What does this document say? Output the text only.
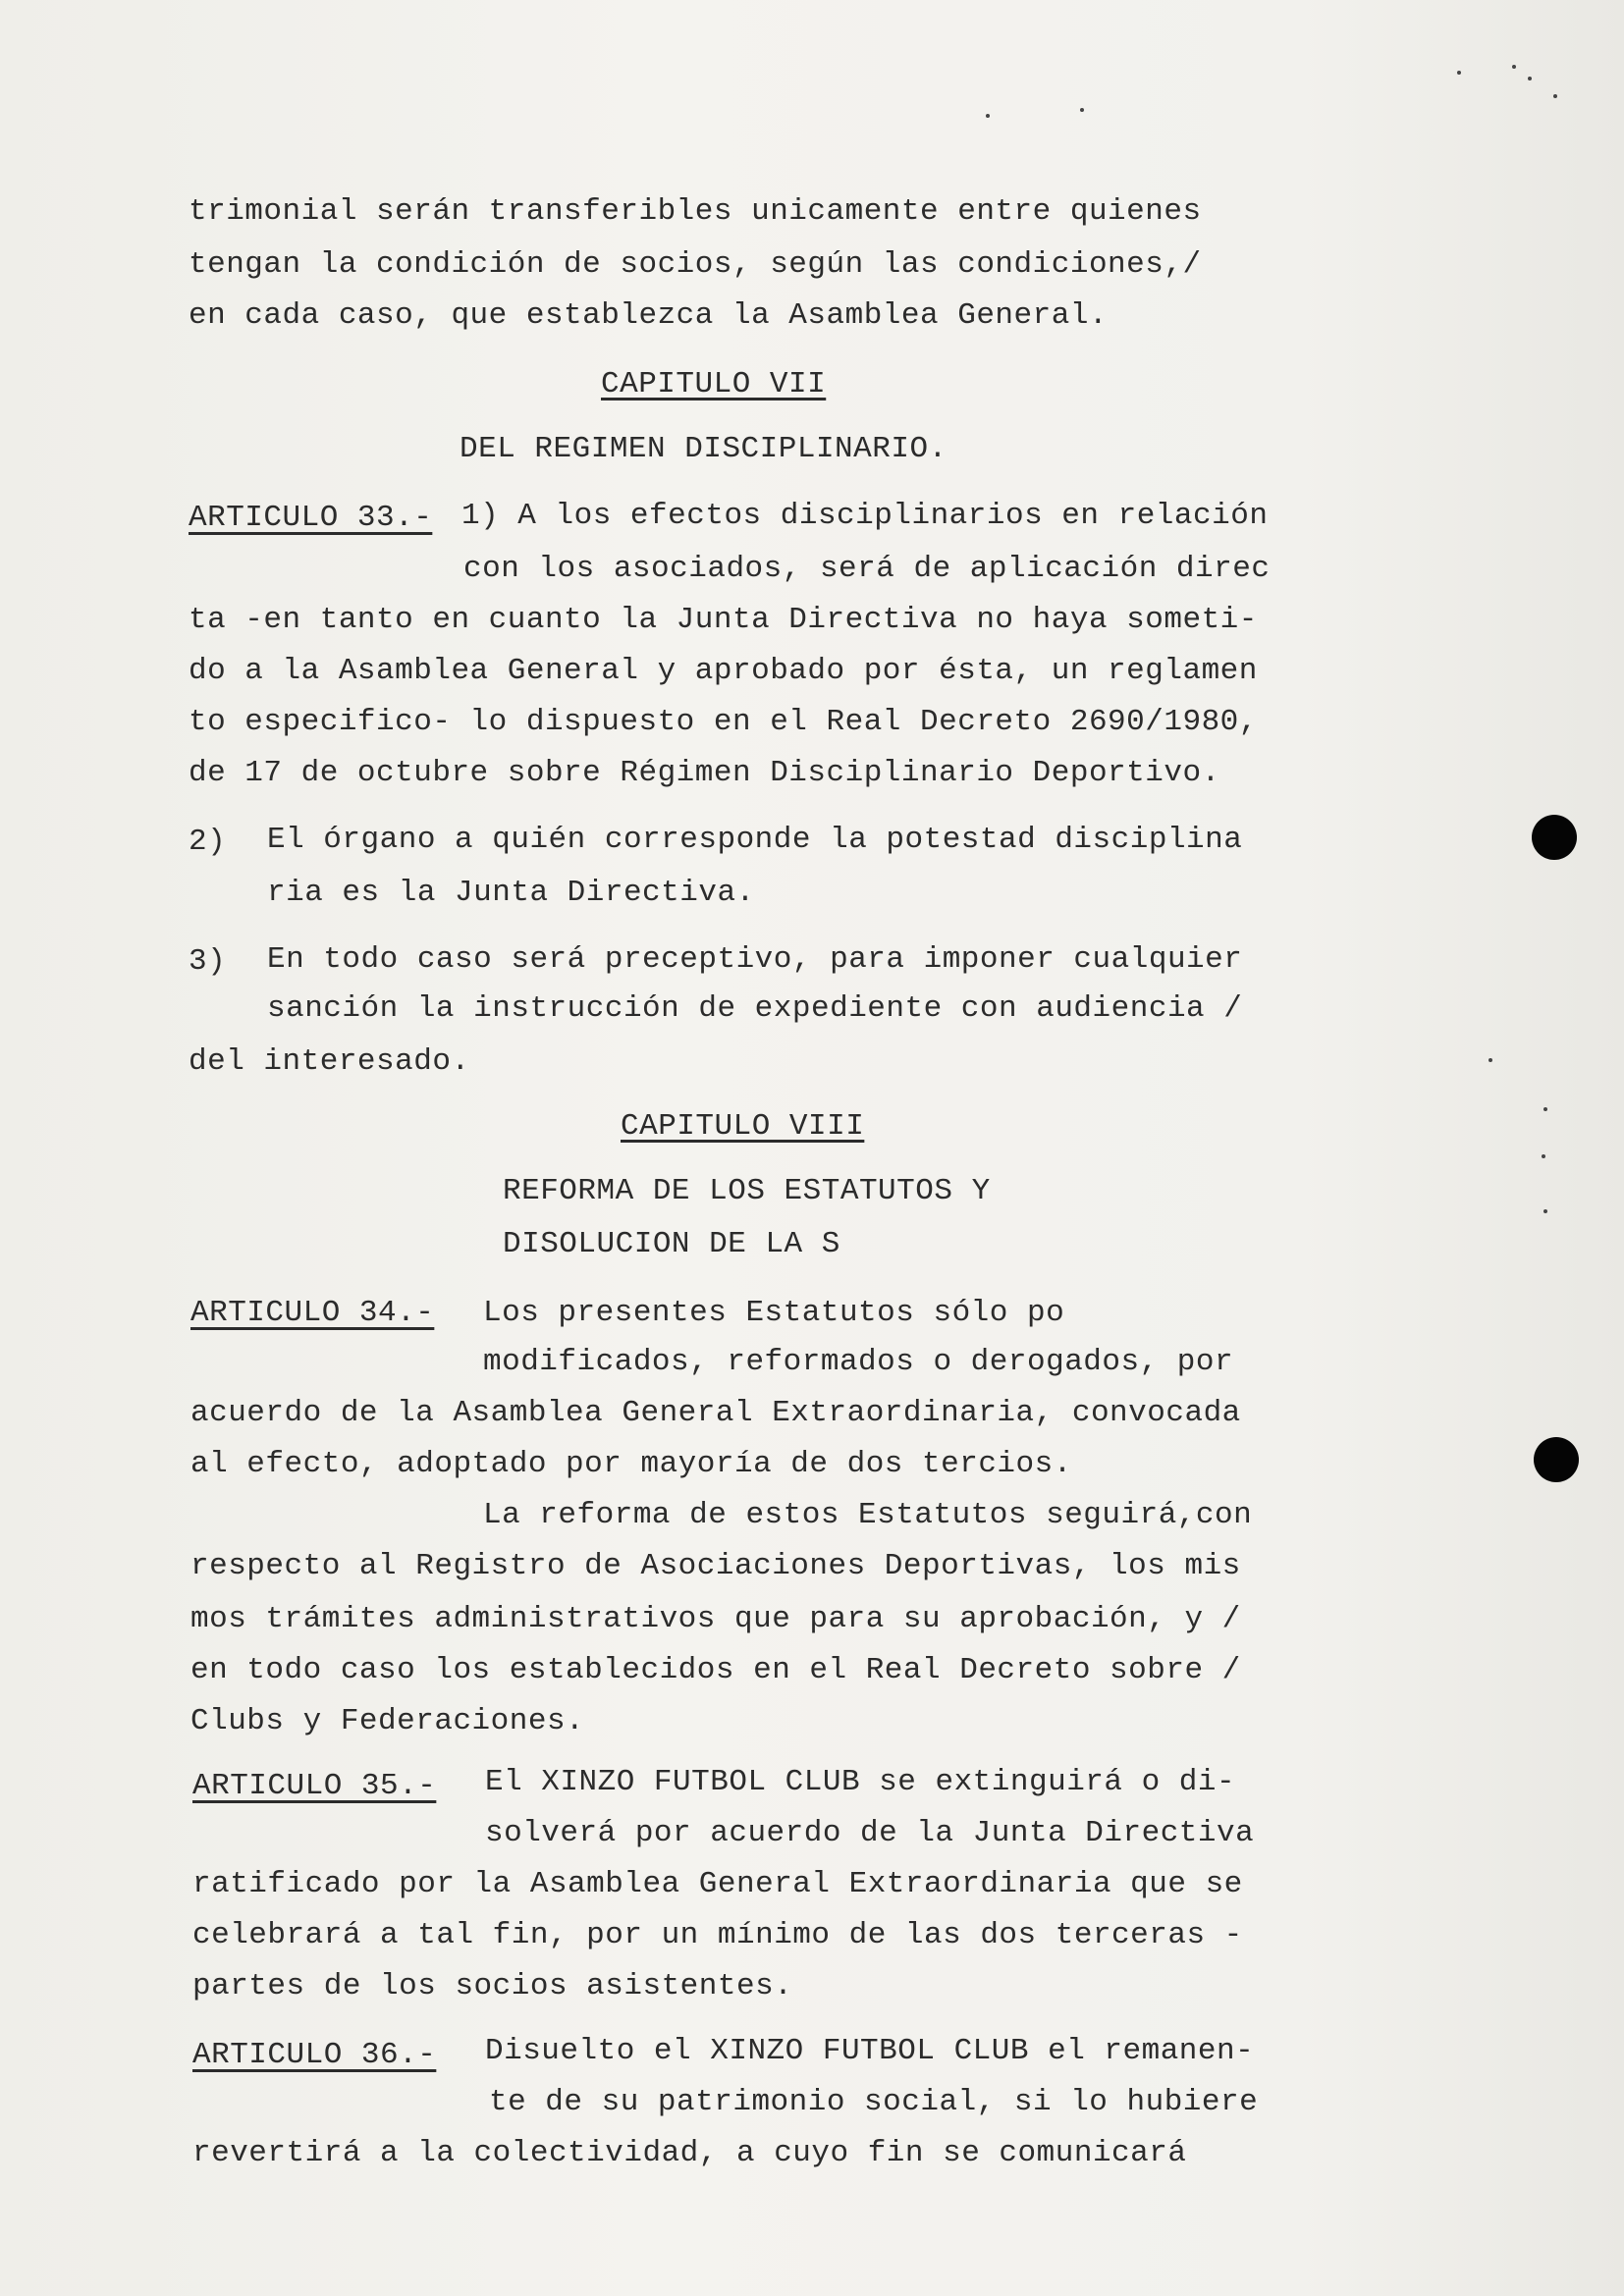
trimonial serán transferibles unicamente entre quienes
tengan la condición de socios, según las condiciones,/
en cada caso, que establezca la Asamblea General.
CAPITULO VII
DEL REGIMEN DISCIPLINARIO.
ARTICULO 33.- 1) A los efectos disciplinarios en relación
con los asociados, será de aplicación direc
ta -en tanto en cuanto la Junta Directiva no haya someti-
do a la Asamblea General y aprobado por ésta, un reglamen
to especifico- lo dispuesto en el Real Decreto 2690/1980,
de 17 de octubre sobre Régimen Disciplinario Deportivo.
2) El órgano a quién corresponde la potestad disciplina
ria es la Junta Directiva.
3) En todo caso será preceptivo, para imponer cualquier
sanción la instrucción de expediente con audiencia /
del interesado.
CAPITULO VIII
REFORMA DE LOS ESTATUTOS Y
DISOLUCION DE LA S
ARTICULO 34.- Los presentes Estatutos sólo po
modificados, reformados o derogados, por
acuerdo de la Asamblea General Extraordinaria, convocada
al efecto, adoptado por mayoría de dos tercios.
La reforma de estos Estatutos seguirá,con
respecto al Registro de Asociaciones Deportivas, los mis
mos trámites administrativos que para su aprobación, y /
en todo caso los establecidos en el Real Decreto sobre /
Clubs y Federaciones.
ARTICULO 35.- El XINZO FUTBOL CLUB se extinguirá o di-
solverá por acuerdo de la Junta Directiva
ratificado por la Asamblea General Extraordinaria que se
celebrará a tal fin, por un mínimo de las dos terceras -
partes de los socios asistentes.
ARTICULO 36.- Disuelto el XINZO FUTBOL CLUB el remanen-
te de su patrimonio social, si lo hubiere
revertirá a la colectividad, a cuyo fin se comunicará
